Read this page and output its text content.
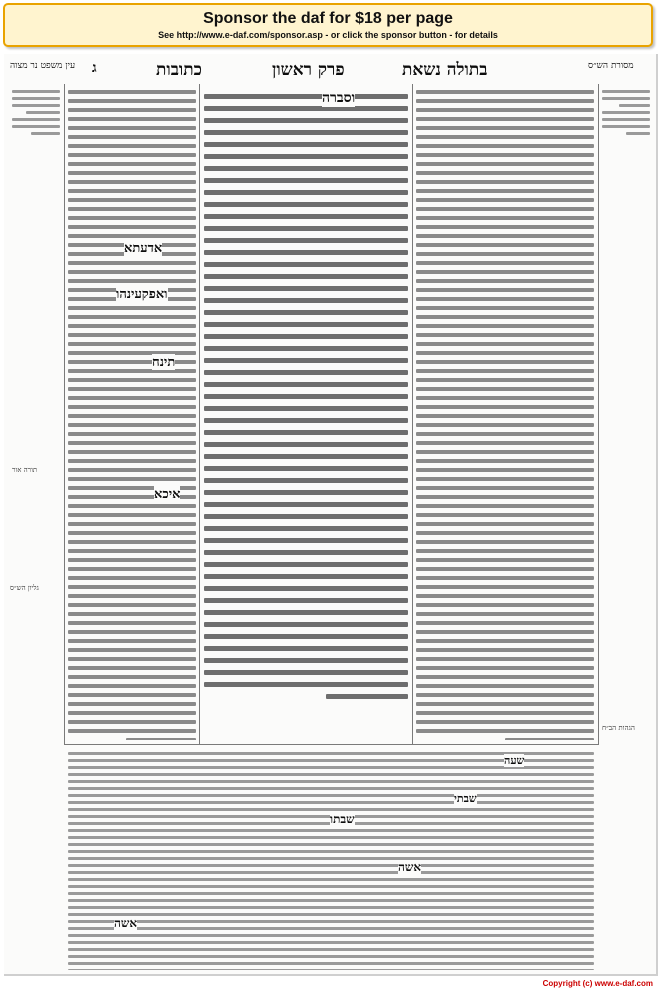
Sponsor the daf for $18 per page
See http://www.e-daf.com/sponsor.asp - or click the sponsor button - for details
עין משפט נר מצוה ג	כתובות	פרק ראשון	בתולה נשאת	מסורת הש״ס
גליון הש״ס
אדעתא
ואפקעינהו
תינח
איכא
וסברה
הגהות הב״ח
שבתו
אשה
אשה
שעה
שבתי
תורה אור
Copyright (c) www.e-daf.com
